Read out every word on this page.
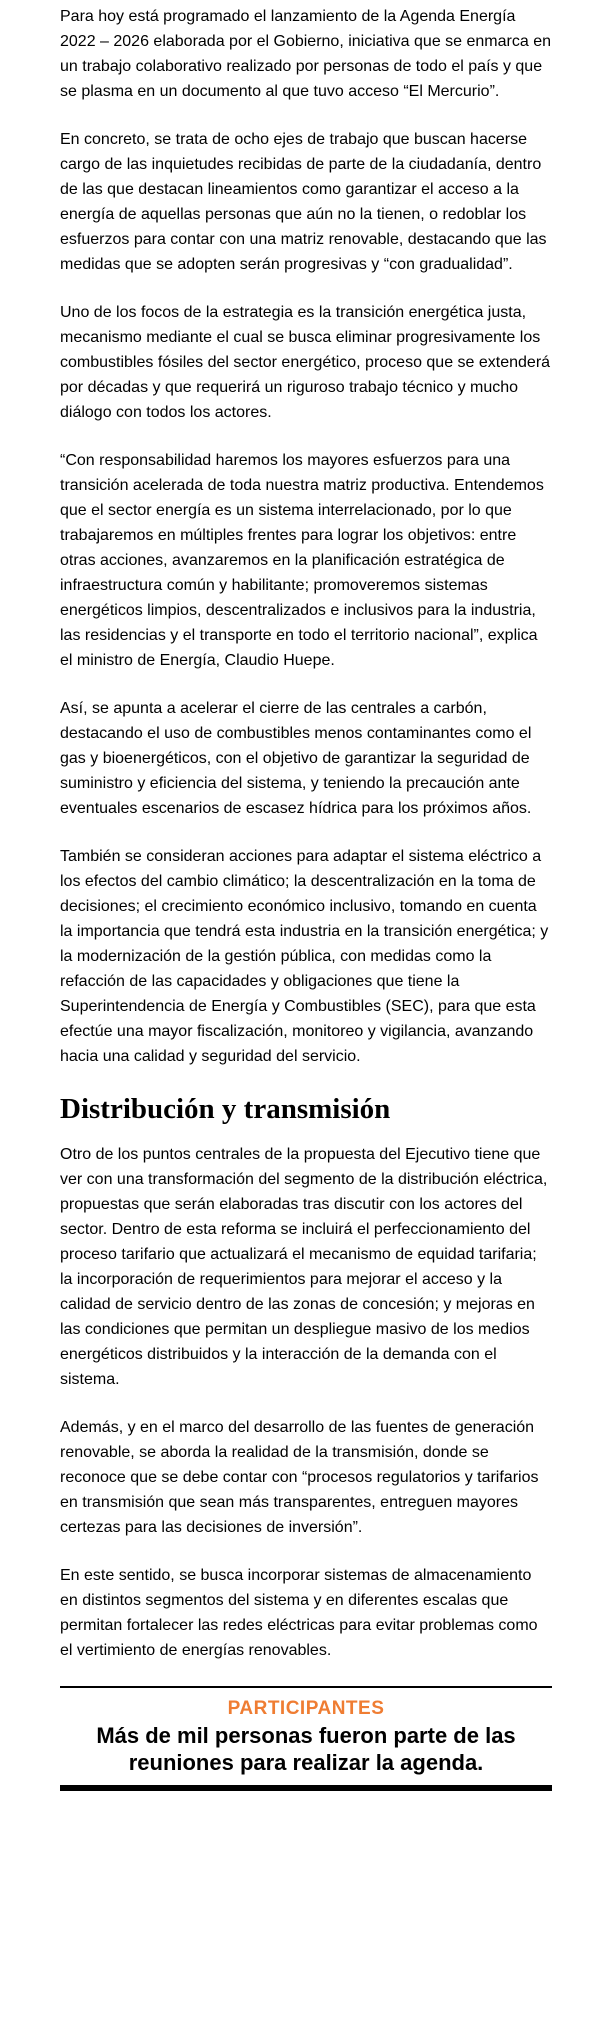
Para hoy está programado el lanzamiento de la Agenda Energía 2022 – 2026 elaborada por el Gobierno, iniciativa que se enmarca en un trabajo colaborativo realizado por personas de todo el país y que se plasma en un documento al que tuvo acceso “El Mercurio”.

En concreto, se trata de ocho ejes de trabajo que buscan hacerse cargo de las inquietudes recibidas de parte de la ciudadanía, dentro de las que destacan lineamientos como garantizar el acceso a la energía de aquellas personas que aún no la tienen, o redoblar los esfuerzos para contar con una matriz renovable, destacando que las medidas que se adopten serán progresivas y “con gradualidad”.

Uno de los focos de la estrategia es la transición energética justa, mecanismo mediante el cual se busca eliminar progresivamente los combustibles fósiles del sector energético, proceso que se extenderá por décadas y que requerirá un riguroso trabajo técnico y mucho diálogo con todos los actores.

“Con responsabilidad haremos los mayores esfuerzos para una transición acelerada de toda nuestra matriz productiva. Entendemos que el sector energía es un sistema interrelacionado, por lo que trabajaremos en múltiples frentes para lograr los objetivos: entre otras acciones, avanzaremos en la planificación estratégica de infraestructura común y habilitante; promoveremos sistemas energéticos limpios, descentralizados e inclusivos para la industria, las residencias y el transporte en todo el territorio nacional”, explica el ministro de Energía, Claudio Huepe.

Así, se apunta a acelerar el cierre de las centrales a carbón, destacando el uso de combustibles menos contaminantes como el gas y bioenergéticos, con el objetivo de garantizar la seguridad de suministro y eficiencia del sistema, y teniendo la precaución ante eventuales escenarios de escasez hídrica para los próximos años.

También se consideran acciones para adaptar el sistema eléctrico a los efectos del cambio climático; la descentralización en la toma de decisiones; el crecimiento económico inclusivo, tomando en cuenta la importancia que tendrá esta industria en la transición energética; y la modernización de la gestión pública, con medidas como la refacción de las capacidades y obligaciones que tiene la Superintendencia de Energía y Combustibles (SEC), para que esta efectúe una mayor fiscalización, monitoreo y vigilancia, avanzando hacia una calidad y seguridad del servicio.

Distribución y transmisión

Otro de los puntos centrales de la propuesta del Ejecutivo tiene que ver con una transformación del segmento de la distribución eléctrica, propuestas que serán elaboradas tras discutir con los actores del sector. Dentro de esta reforma se incluirá el perfeccionamiento del proceso tarifario que actualizará el mecanismo de equidad tarifaria; la incorporación de requerimientos para mejorar el acceso y la calidad de servicio dentro de las zonas de concesión; y mejoras en las condiciones que permitan un despliegue masivo de los medios energéticos distribuidos y la interacción de la demanda con el sistema.

Además, y en el marco del desarrollo de las fuentes de generación renovable, se aborda la realidad de la transmisión, donde se reconoce que se debe contar con “procesos regulatorios y tarifarios en transmisión que sean más transparentes, entreguen mayores certezas para las decisiones de inversión”.

En este sentido, se busca incorporar sistemas de almacenamiento en distintos segmentos del sistema y en diferentes escalas que permitan fortalecer las redes eléctricas para evitar problemas como el vertimiento de energías renovables.

PARTICIPANTES
Más de mil personas fueron parte de las reuniones para realizar la agenda.
